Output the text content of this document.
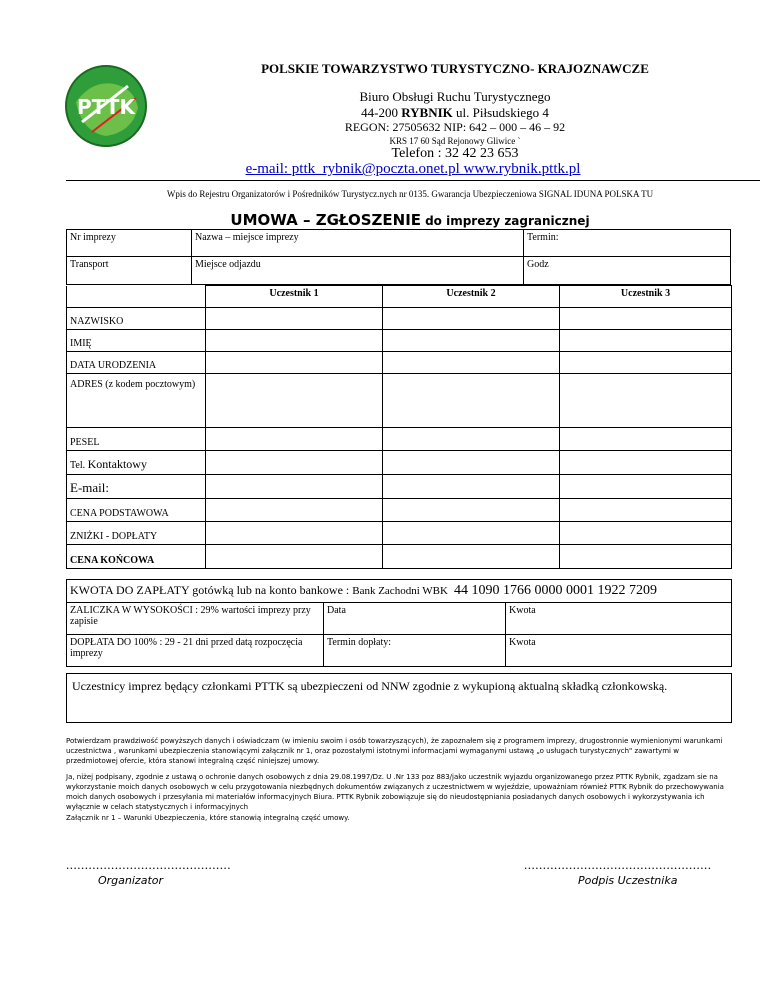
PTTK
POLSKIE TOWARZYSTWO TURYSTYCZNO- KRAJOZNAWCZE
Biuro Obsługi Ruchu Turystycznego
44-200 RYBNIK ul. Piłsudskiego 4
REGON: 27505632 NIP: 642 – 000 – 46 – 92
KRS 17 60 Sąd Rejonowy Gliwice `
Telefon : 32 42 23 653
e-mail: pttk_rybnik@poczta.onet.pl www.rybnik.pttk.pl
Wpis do Rejestru Organizatorów i Pośredników Turystycz.nych nr 0135. Gwarancja Ubezpieczeniowa SIGNAL IDUNA POLSKA TU
UMOWA – ZGŁOSZENIE do imprezy zagranicznej
Nr imprezy	Nazwa – miejsce imprezy	Termin:
Transport	Miejsce odjazdu	Godz
	Uczestnik 1	Uczestnik 2	Uczestnik 3
NAZWISKO			
IMIĘ			
DATA URODZENIA			
ADRES (z kodem pocztowym)			
PESEL			
Tel. Kontaktowy			
E-mail:			
CENA PODSTAWOWA			
ZNIŻKI - DOPŁATY			
CENA KOŃCOWA			
KWOTA DO ZAPŁATY gotówką lub na konto bankowe : Bank Zachodni WBK 44 1090 1766 0000 0001 1922 7209		
ZALICZKA W WYSOKOŚCI : 29% wartości imprezy przy zapisie	Data	Kwota
DOPŁATA DO 100% : 29 - 21 dni przed datą rozpoczęcia imprezy	Termin dopłaty:	Kwota
Uczestnicy imprez będący członkami PTTK są ubezpieczeni od NNW zgodnie z wykupioną aktualną składką członkowską.
Potwierdzam prawdziwość powyższych danych i oświadczam (w imieniu swoim i osób towarzyszących), że zapoznałem się z programem imprezy, drugostronnie wymienionymi warunkami uczestnictwa , warunkami ubezpieczenia stanowiącymi załącznik nr 1, oraz pozostałymi istotnymi informacjami wymaganymi ustawą „o usługach turystycznych" zawartymi w przedmiotowej ofercie, która stanowi integralną część niniejszej umowy.
Ja, niżej podpisany, zgodnie z ustawą o ochronie danych osobowych z dnia 29.08.1997/Dz. U .Nr 133 poz 883/jako uczestnik wyjazdu organizowanego przez PTTK Rybnik, zgadzam sie na wykorzystanie moich danych osobowych w celu przygotowania niezbędnych dokumentów związanych z uczestnictwem w wyjeździe, upoważniam również PTTK Rybnik do przechowywania moich danych osobowych i przesyłania mi materiałów informacyjnych Biura. PTTK Rybnik zobowiązuje się do nieudostępniania posiadanych danych osobowych i wykorzystywania ich wyłącznie w celach statystycznych i informacyjnych
Załącznik nr 1 – Warunki Ubezpieczenia, które stanowią integralną część umowy.
............................................
Organizator
..................................................
Podpis Uczestnika
